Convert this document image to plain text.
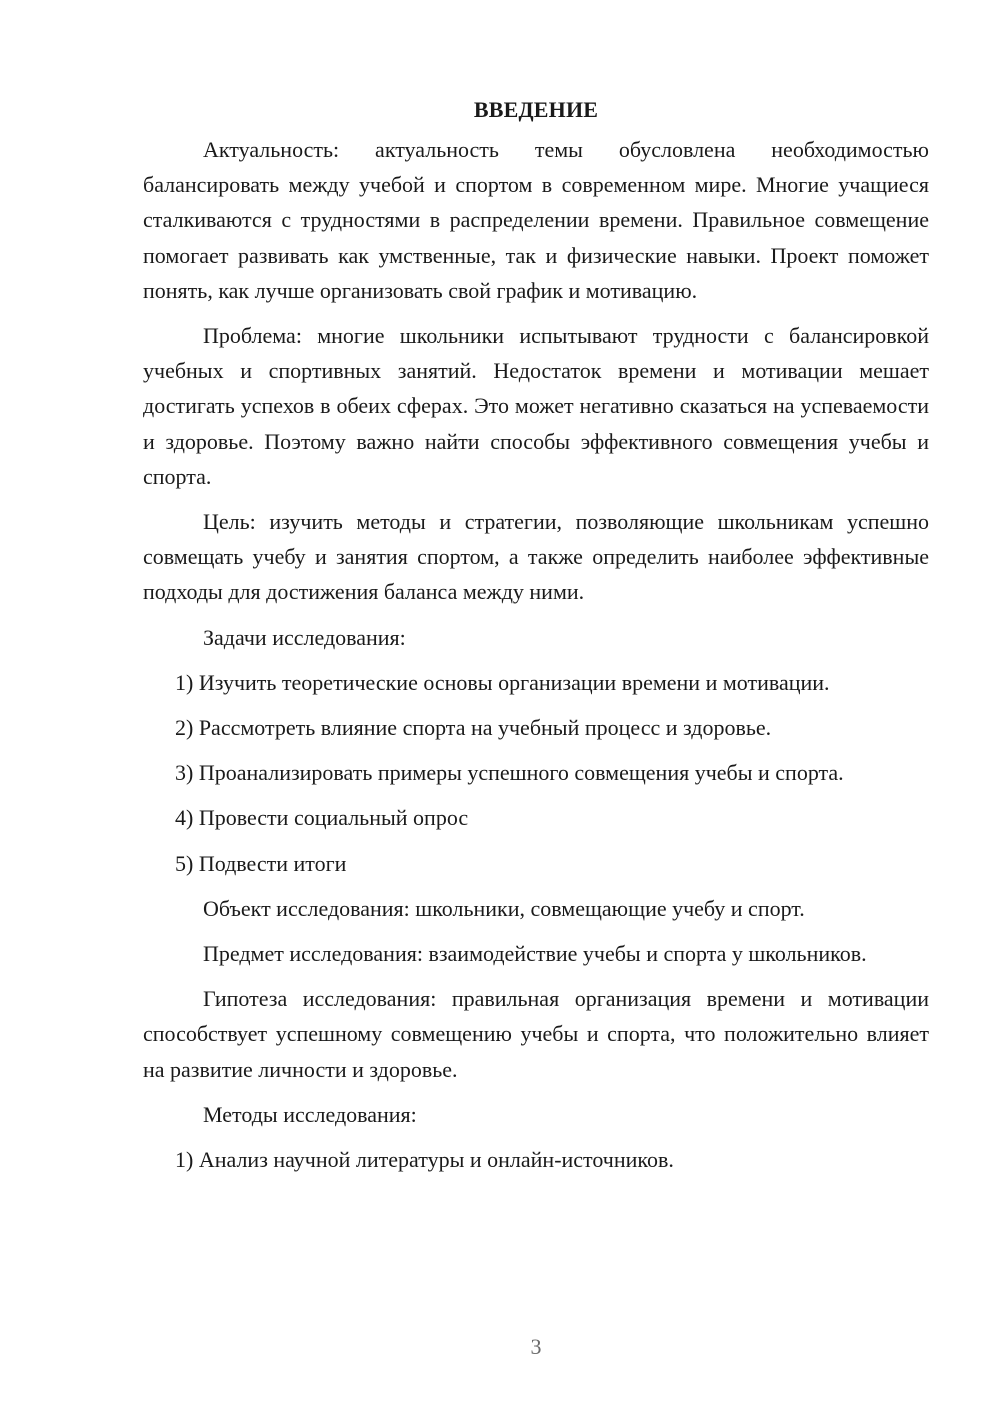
ВВЕДЕНИЕ

Актуальность: актуальность темы обусловлена необходимостью балансировать между учебой и спортом в современном мире. Многие учащиеся сталкиваются с трудностями в распределении времени. Правильное совмещение помогает развивать как умственные, так и физические навыки. Проект поможет понять, как лучше организовать свой график и мотивацию.

Проблема: многие школьники испытывают трудности с балансировкой учебных и спортивных занятий. Недостаток времени и мотивации мешает достигать успехов в обеих сферах. Это может негативно сказаться на успеваемости и здоровье. Поэтому важно найти способы эффективного совмещения учебы и спорта.

Цель: изучить методы и стратегии, позволяющие школьникам успешно совмещать учебу и занятия спортом, а также определить наиболее эффективные подходы для достижения баланса между ними.

Задачи исследования:

1) Изучить теоретические основы организации времени и мотивации.

2) Рассмотреть влияние спорта на учебный процесс и здоровье.

3) Проанализировать примеры успешного совмещения учебы и спорта.

4) Провести социальный опрос

5) Подвести итоги

Объект исследования: школьники, совмещающие учебу и спорт.

Предмет исследования: взаимодействие учебы и спорта у школьников.

Гипотеза исследования: правильная организация времени и мотивации способствует успешному совмещению учебы и спорта, что положительно влияет на развитие личности и здоровье.

Методы исследования:

1) Анализ научной литературы и онлайн-источников.

3
